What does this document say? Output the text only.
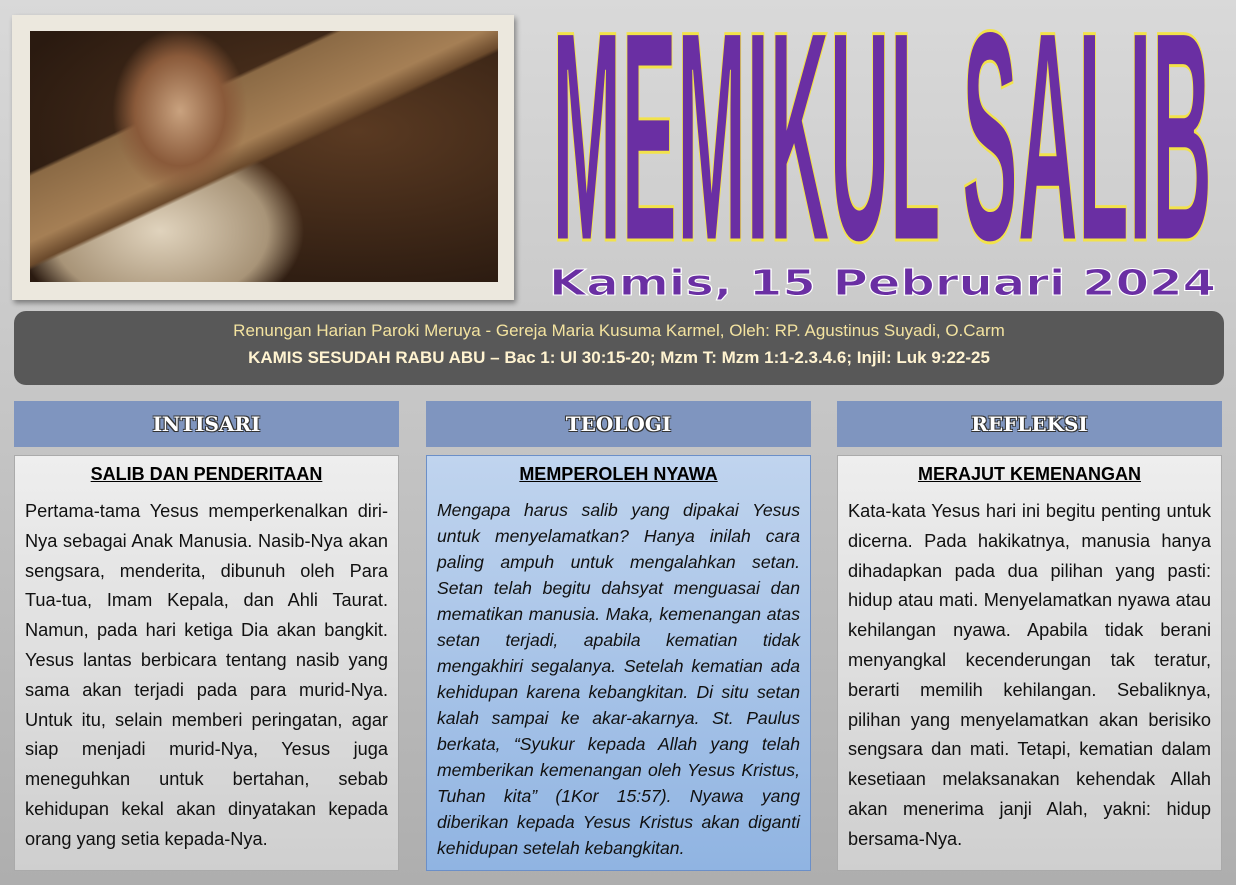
MEMIKUL SALIB
Kamis, 15 Pebruari 2024
Renungan Harian Paroki Meruya - Gereja Maria Kusuma Karmel, Oleh: RP. Agustinus Suyadi, O.Carm
KAMIS SESUDAH RABU ABU – Bac 1: Ul 30:15-20; Mzm T: Mzm 1:1-2.3.4.6; Injil: Luk 9:22-25
INTISARI	TEOLOGI	REFLEKSI
SALIB DAN PENDERITAAN

Pertama-tama Yesus memperkenalkan diri-Nya sebagai Anak Manusia. Nasib-Nya akan sengsara, menderita, dibunuh oleh Para Tua-tua, Imam Kepala, dan Ahli Taurat. Namun, pada hari ketiga Dia akan bangkit. Yesus lantas berbicara tentang nasib yang sama akan terjadi pada para murid-Nya. Untuk itu, selain memberi peringatan, agar siap menjadi murid-Nya, Yesus juga meneguhkan untuk bertahan, sebab kehidupan kekal akan dinyatakan kepada orang yang setia kepada-Nya.

MEMPEROLEH NYAWA

Mengapa harus salib yang dipakai Yesus untuk menyelamatkan? Hanya inilah cara paling ampuh untuk mengalahkan setan. Setan telah begitu dahsyat menguasai dan mematikan manusia. Maka, kemenangan atas setan terjadi, apabila kematian tidak mengakhiri segalanya. Setelah kematian ada kehidupan karena kebangkitan. Di situ setan kalah sampai ke akar-akarnya. St. Paulus berkata, “Syukur kepada Allah yang telah memberikan kemenangan oleh Yesus Kristus, Tuhan kita” (1Kor 15:57). Nyawa yang diberikan kepada Yesus Kristus akan diganti kehidupan setelah kebangkitan.

MERAJUT KEMENANGAN

Kata-kata Yesus hari ini begitu penting untuk dicerna. Pada hakikatnya, manusia hanya dihadapkan pada dua pilihan yang pasti: hidup atau mati. Menyelamatkan nyawa atau kehilangan nyawa. Apabila tidak berani menyangkal kecenderungan tak teratur, berarti memilih kehilangan. Sebaliknya, pilihan yang menyelamatkan akan berisiko sengsara dan mati. Tetapi, kematian dalam kesetiaan melaksanakan kehendak Allah akan menerima janji Alah, yakni: hidup bersama-Nya.
